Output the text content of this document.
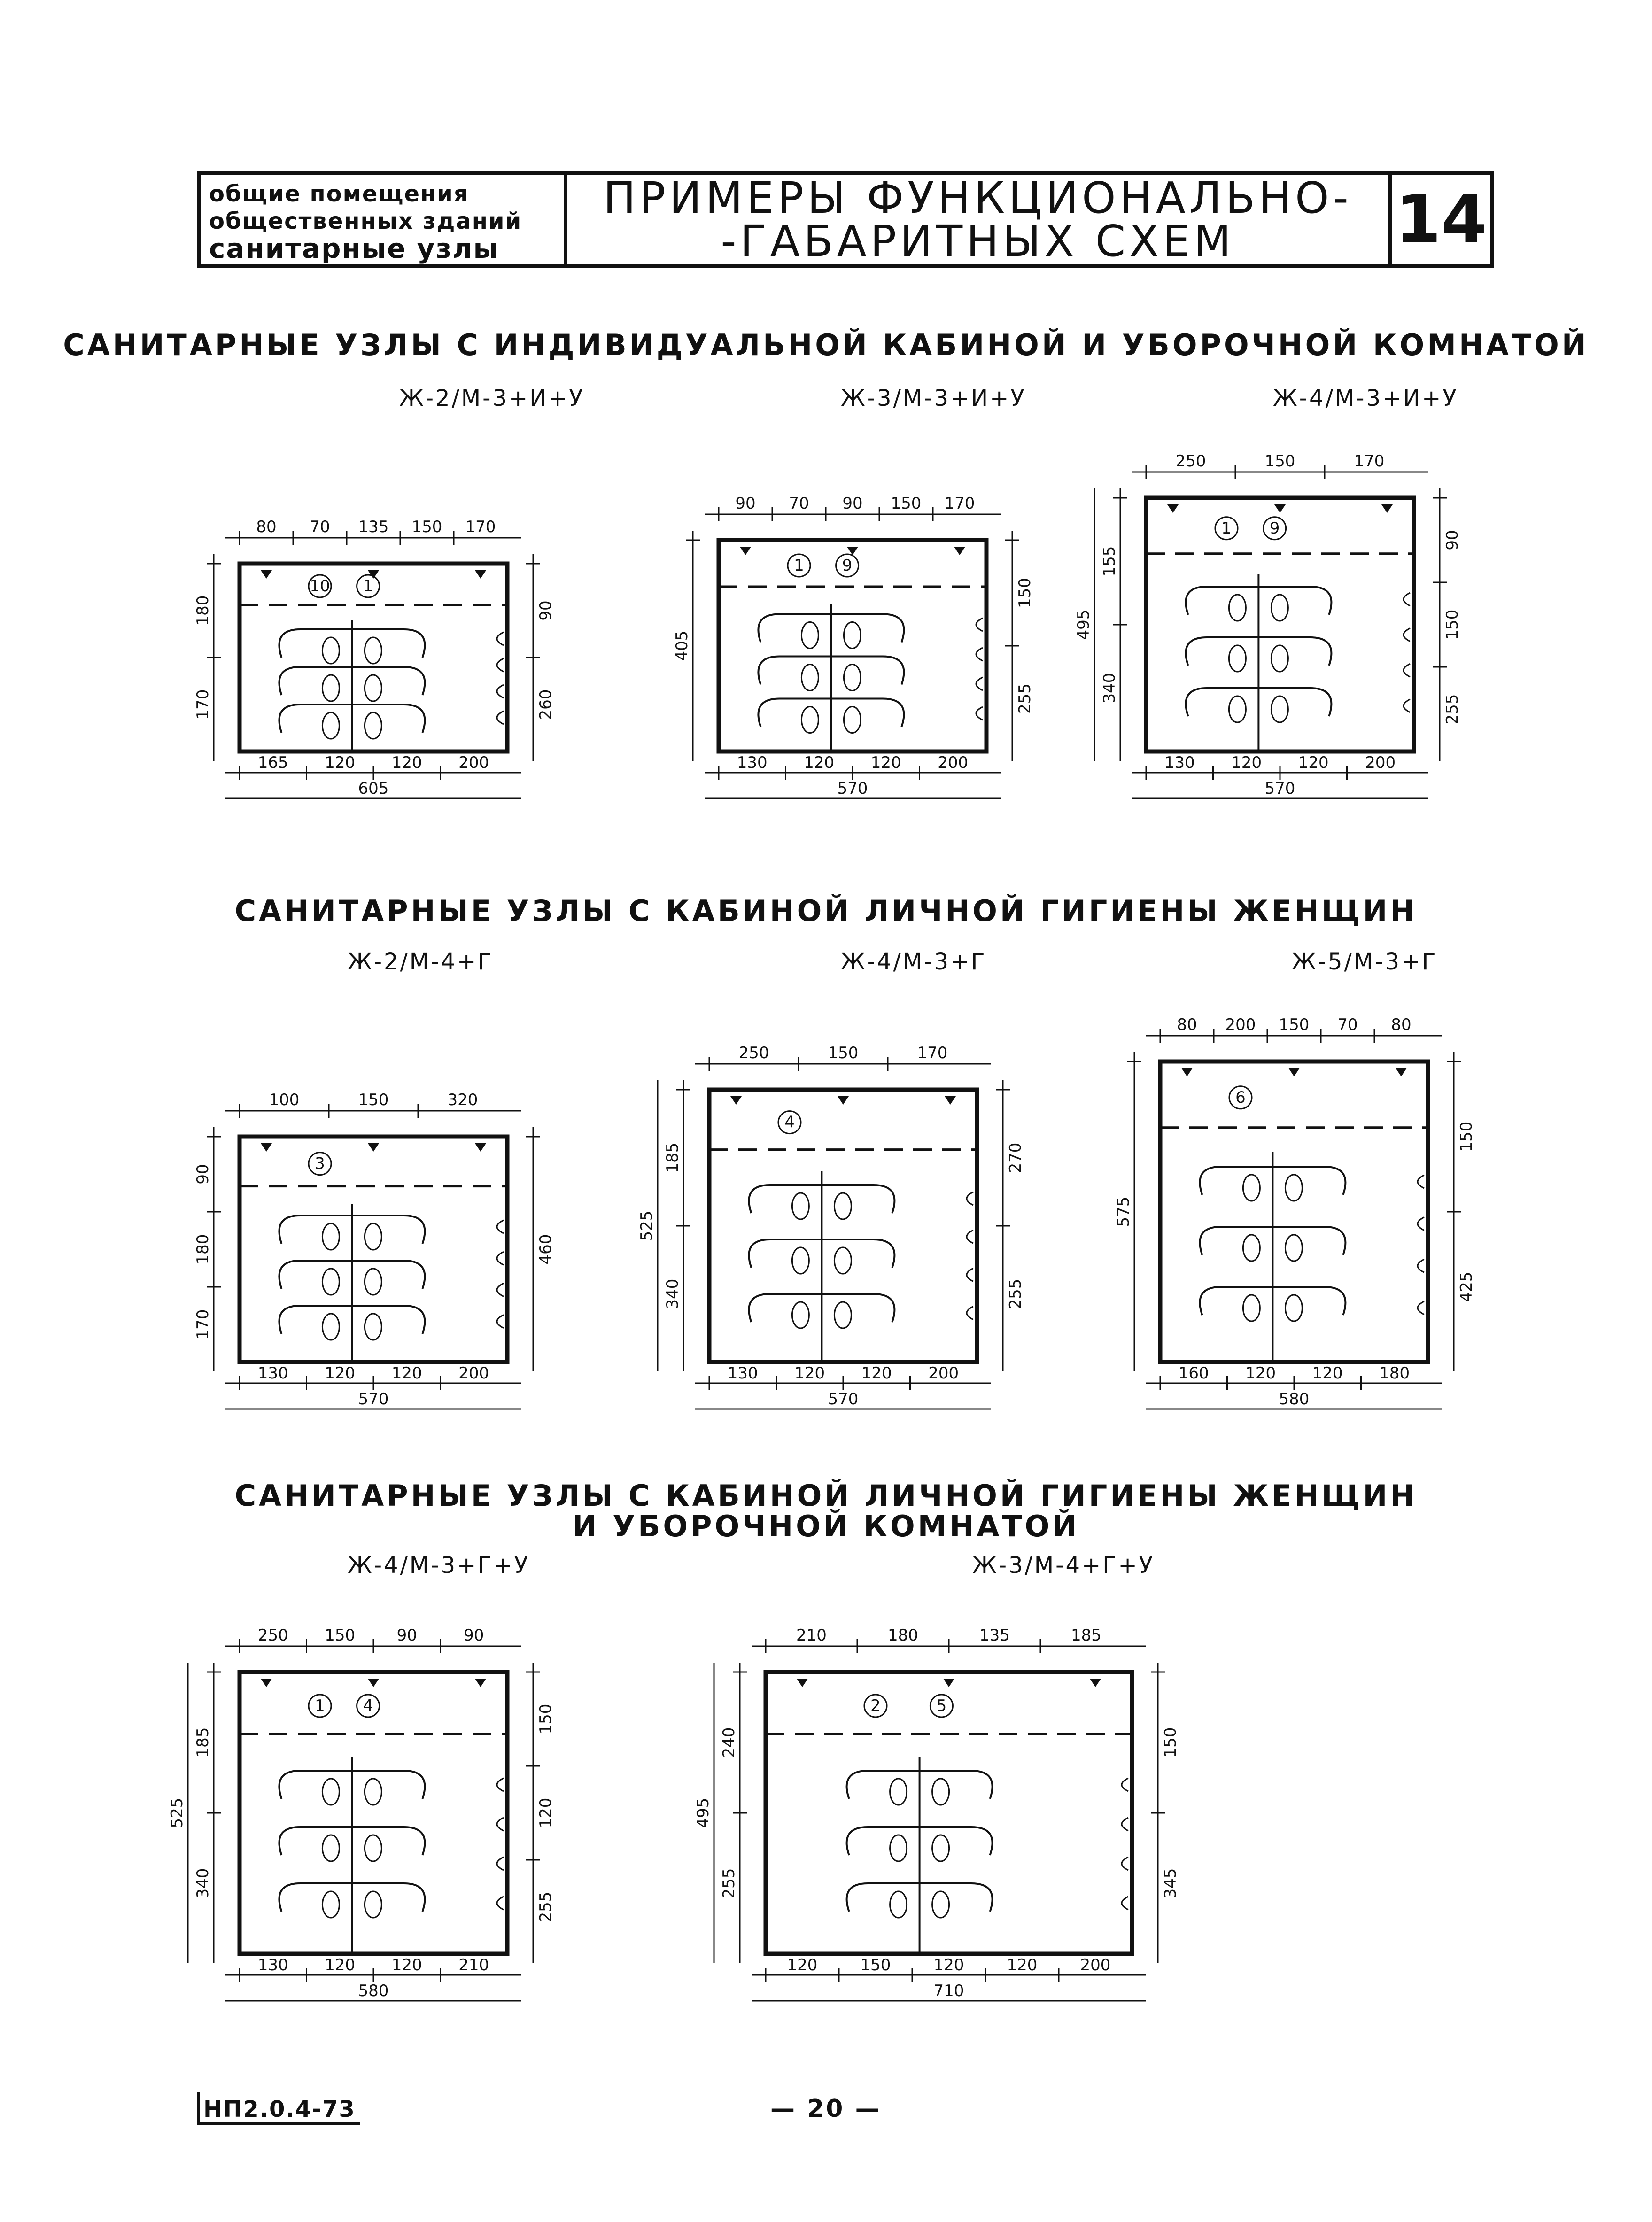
общие помещения
общественных зданий
санитарные узлы
ПРИМЕРЫ ФУНКЦИОНАЛЬНО-
-ГАБАРИТНЫХ СХЕМ 14
САНИТАРНЫЕ УЗЛЫ С ИНДИВИДУАЛЬНОЙ КАБИНОЙ И УБОРОЧНОЙ КОМНАТОЙ
САНИТАРНЫЕ УЗЛЫ С КАБИНОЙ ЛИЧНОЙ ГИГИЕНЫ ЖЕНЩИН
САНИТАРНЫЕ УЗЛЫ С КАБИНОЙ ЛИЧНОЙ ГИГИЕНЫ ЖЕНЩИН
И УБОРОЧНОЙ КОМНАТОЙ
Ж-2/М-3+И+У	Ж-3/М-3+И+У	Ж-4/М-3+И+У
Ж-2/М-4+Г	Ж-4/М-3+Г	Ж-5/М-3+Г
Ж-4/М-3+Г+У	Ж-3/М-4+Г+У
80 70 135 150 170
165 120 120 200
605
180
170
90
260
10 1
90 70 90 150 170
130 120 120 200
570
405
150
255
1 9
250	150	170
130 120 120 200
570
155
340
495
90
150
255
1 9
100	150	320
130 120 120 200
570
90
180
170
460
3
250	150	170
130 120 120 200
570
185
340
525
270
255
4
80 200 150 70 80
160 120 120 180
580
575
150
425
6
250 150	90	90
130 120 120 210
580
185
340
525
150
120
255
1 4
210	180	135	185
120	150	120	120	200
710
240
255
495
150
345
2	5
НП2.0.4-73	— 20 —
